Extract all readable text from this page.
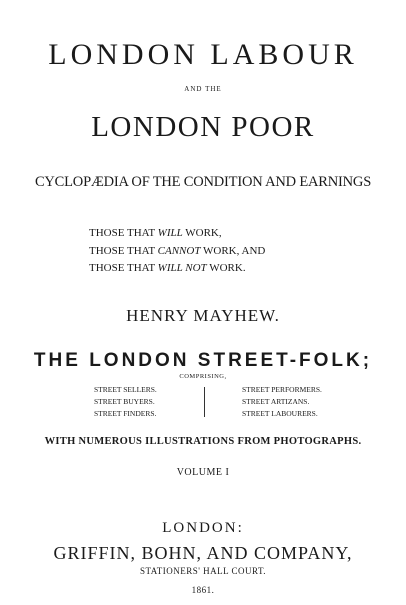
LONDON LABOUR
AND THE
LONDON POOR
CYCLOPÆDIA OF THE CONDITION AND EARNINGS
THOSE THAT WILL WORK,
THOSE THAT CANNOT WORK, AND
THOSE THAT WILL NOT WORK.
HENRY MAYHEW.
THE LONDON STREET-FOLK;
COMPRISING,
STREET SELLERS.
STREET BUYERS.
STREET FINDERS.
STREET PERFORMERS.
STREET ARTIZANS.
STREET LABOURERS.
WITH NUMEROUS ILLUSTRATIONS FROM PHOTOGRAPHS.
VOLUME I
LONDON:
GRIFFIN, BOHN, AND COMPANY,
STATIONERS' HALL COURT.
1861.
